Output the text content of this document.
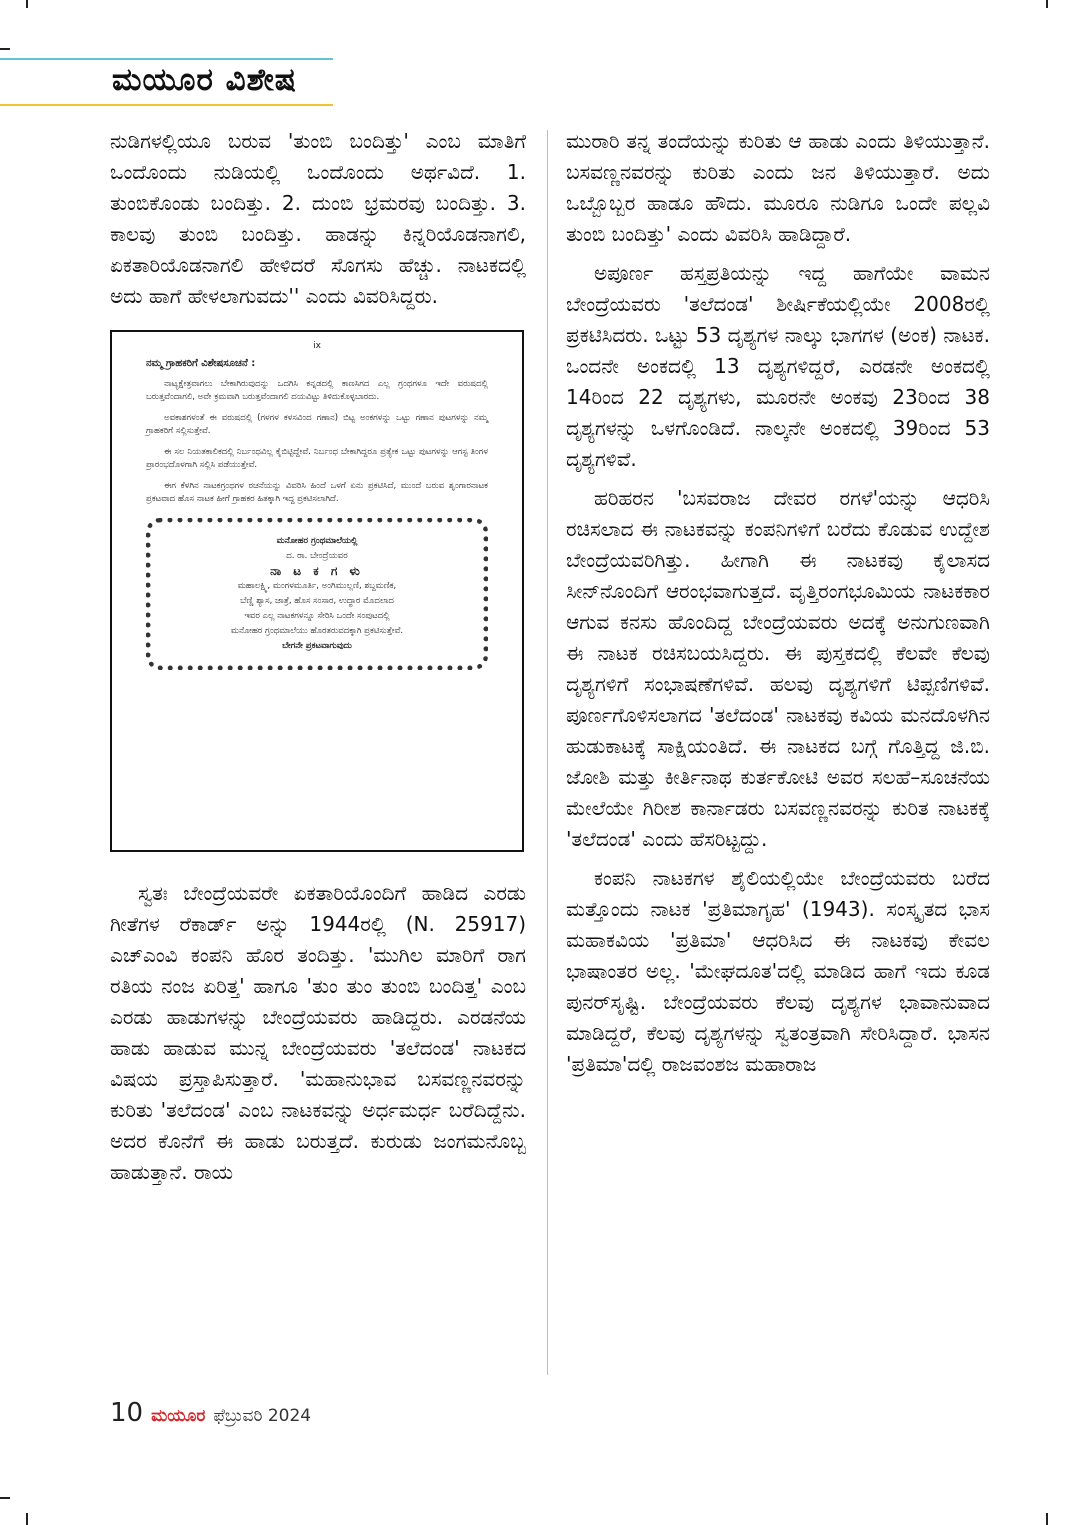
ಮಯೂರ ವಿಶೇಷ

ನುಡಿಗಳಲ್ಲಿಯೂ ಬರುವ 'ತುಂಬಿ ಬಂದಿತ್ತು' ಎಂಬ ಮಾತಿಗೆ ಒಂದೊಂದು ನುಡಿಯಲ್ಲಿ ಒಂದೊಂದು ಅರ್ಥವಿದೆ. 1. ತುಂಬಿಕೊಂಡು ಬಂದಿತ್ತು. 2. ದುಂಬಿ ಭ್ರಮರವು ಬಂದಿತ್ತು. 3. ಕಾಲವು ತುಂಬಿ ಬಂದಿತ್ತು. ಹಾಡನ್ನು ಕಿನ್ನರಿಯೊಡನಾಗಲಿ, ಏಕತಾರಿಯೊಡನಾಗಲಿ ಹೇಳಿದರೆ ಸೊಗಸು ಹೆಚ್ಚು. ನಾಟಕದಲ್ಲಿ ಅದು ಹಾಗೆ ಹೇಳಲಾಗುವದು'' ಎಂದು ವಿವರಿಸಿದ್ದರು.

ix
ನಮ್ಮ ಗ್ರಾಹಕರಿಗೆ ವಿಶೇಷಸೂಚನೆ :
ನಾಟ್ಯಕ್ಷೇತ್ರವಾಗಲು ಬೇಕಾಗಿರುವುದನ್ನು ಒದಗಿಸಿ ಕನ್ನಡದಲ್ಲಿ ಕಾಣಸಿಗದ ಎಲ್ಲ ಗ್ರಂಥಗಳೂ ಇದೇ ವರುಷದಲ್ಲಿ ಬರುತ್ತವೆಂದಾಗಲಿ, ಅವೇ ಕ್ರಮವಾಗಿ ಬರುತ್ತವೆಂದಾಗಲಿ ದಯವಿಟ್ಟು ತಿಳಿದುಕೊಳ್ಳಬಾರದು.
ಅವಕಾಶಗಳಂತೆ ಈ ವರುಷದಲ್ಲಿ (ಗಳಗಳ ಕಳಸವಿಂದ ಗಣಾನ) ಬಿಟ್ಟ ಅಂಕಗಳನ್ನು ಒಟ್ಟು ಗಣಾನ ಪುಟಗಳನ್ನು ನಮ್ಮ ಗ್ರಾಹಕರಿಗೆ ಸಲ್ಲಿಸುತ್ತೇವೆ.
ಈ ಸಲ ನಿಯತಕಾಲಿಕದಲ್ಲಿ ನಿರ್ಬಂಧವಿಲ್ಲ ಕೈಬಿಟ್ಟಿದ್ದೇವೆ. ನಿರ್ಬಂಧ ಬೇಕಾಗಿದ್ದರೂ ಪ್ರತ್ಯೇಕ ಒಟ್ಟು ಪುಟಗಳನ್ನು ಆಗಸ್ಟ ತಿಂಗಳ ಪ್ರಾರಂಭದೊಳಗಾಗಿ ಸಲ್ಲಿಸಿ ಪಡೆಯುತ್ತೇವೆ.
ಈಗ ಕೆಳಗಿನ ನಾಟಕಗ್ರಂಥಗಳ ರಚನೆಯನ್ನು ವಿವರಿಸಿ ಹಿಂದೆ ಒಳಗೆ ಏನು ಪ್ರಕಟಿಸಿದೆ, ಮುಂದೆ ಬರುವ ಶೃಂಗಾರನಾಟಕ ಪ್ರಕಟವಾದ ಹೊಸ ನಾಟಕ ಹೀಗೆ ಗ್ರಾಹಕರ ಹಿತಕ್ಕಾಗಿ ಇದ್ದ ಪ್ರಕಟಿಸಲಾಗಿದೆ.
ಮನೋಹರ ಗ್ರಂಥಮಾಲೆಯಲ್ಲಿ
ದ. ರಾ. ಬೇಂದ್ರೆಯವರ
ನಾ ಟ ಕ ಗ ಳು
ಮಹಾಲಕ್ಷ್ಮಿ, ಮಂಗಳಮೂರ್ತಿ, ಅಂಗಿಮುಲ್ಲಣಿ, ಶಬ್ದಮಣಿಕ,
ಬೆಣ್ಣಿ ಶ್ಯಾಸ, ಜಾತ್ರೆ, ಹೊಸ ಸಂಸಾರ, ಉದ್ಧಾರ ಮೊದಲಾದ
ಇವರ ಎಲ್ಲ ನಾಟಕಗಳನ್ನೂ ಸೇರಿಸಿ ಒಂದೇ ಸಂಪುಟದಲ್ಲಿ
ಮನೋಹರ ಗ್ರಂಥಮಾಲೆಯು ಹೊರತರುವದಕ್ಕಾಗಿ ಪ್ರಕಟಿಸುತ್ತೇವೆ.
ಬೇಗನೇ ಪ್ರಕಟವಾಗುವುದು

ಸ್ವತಃ ಬೇಂದ್ರೆಯವರೇ ಏಕತಾರಿಯೊಂದಿಗೆ ಹಾಡಿದ ಎರಡು ಗೀತೆಗಳ ರೆಕಾರ್ಡ್ ಅನ್ನು 1944ರಲ್ಲಿ (N. 25917) ಎಚ್‌ಎಂವಿ ಕಂಪನಿ ಹೊರ ತಂದಿತ್ತು. 'ಮುಗಿಲ ಮಾರಿಗೆ ರಾಗ ರತಿಯ ನಂಜ ಏರಿತ್ತ' ಹಾಗೂ 'ತುಂ ತುಂ ತುಂಬಿ ಬಂದಿತ್ತ' ಎಂಬ ಎರಡು ಹಾಡುಗಳನ್ನು ಬೇಂದ್ರೆಯವರು ಹಾಡಿದ್ದರು. ಎರಡನೆಯ ಹಾಡು ಹಾಡುವ ಮುನ್ನ ಬೇಂದ್ರೆಯವರು 'ತಲೆದಂಡ' ನಾಟಕದ ವಿಷಯ ಪ್ರಸ್ತಾಪಿಸುತ್ತಾರೆ. 'ಮಹಾನುಭಾವ ಬಸವಣ್ಣನವರನ್ನು ಕುರಿತು 'ತಲೆದಂಡ' ಎಂಬ ನಾಟಕವನ್ನು ಅರ್ಧಮರ್ಧ ಬರೆದಿದ್ದೆನು. ಅದರ ಕೊನೆಗೆ ಈ ಹಾಡು ಬರುತ್ತದೆ. ಕುರುಡು ಜಂಗಮನೊಬ್ಬ ಹಾಡುತ್ತಾನೆ. ರಾಯ

ಮುರಾರಿ ತನ್ನ ತಂದೆಯನ್ನು ಕುರಿತು ಆ ಹಾಡು ಎಂದು ತಿಳಿಯುತ್ತಾನೆ. ಬಸವಣ್ಣನವರನ್ನು ಕುರಿತು ಎಂದು ಜನ ತಿಳಿಯುತ್ತಾರೆ. ಅದು ಒಬ್ಬೊಬ್ಬರ ಹಾಡೂ ಹೌದು. ಮೂರೂ ನುಡಿಗೂ ಒಂದೇ ಪಲ್ಲವಿ ತುಂಬಿ ಬಂದಿತ್ತು' ಎಂದು ವಿವರಿಸಿ ಹಾಡಿದ್ದಾರೆ.

ಅಪೂರ್ಣ ಹಸ್ತಪ್ರತಿಯನ್ನು ಇದ್ದ ಹಾಗೆಯೇ ವಾಮನ ಬೇಂದ್ರೆಯವರು 'ತಲೆದಂಡ' ಶೀರ್ಷಿಕೆಯಲ್ಲಿಯೇ 2008ರಲ್ಲಿ ಪ್ರಕಟಿಸಿದರು. ಒಟ್ಟು 53 ದೃಶ್ಯಗಳ ನಾಲ್ಕು ಭಾಗಗಳ (ಅಂಕ) ನಾಟಕ. ಒಂದನೇ ಅಂಕದಲ್ಲಿ 13 ದೃಶ್ಯಗಳಿದ್ದರೆ, ಎರಡನೇ ಅಂಕದಲ್ಲಿ 14ರಿಂದ 22 ದೃಶ್ಯಗಳು, ಮೂರನೇ ಅಂಕವು 23ರಿಂದ 38 ದೃಶ್ಯಗಳನ್ನು ಒಳಗೊಂಡಿದೆ. ನಾಲ್ಕನೇ ಅಂಕದಲ್ಲಿ 39ರಿಂದ 53 ದೃಶ್ಯಗಳಿವೆ.

ಹರಿಹರನ 'ಬಸವರಾಜ ದೇವರ ರಗಳೆ'ಯನ್ನು ಆಧರಿಸಿ ರಚಿಸಲಾದ ಈ ನಾಟಕವನ್ನು ಕಂಪನಿಗಳಿಗೆ ಬರೆದು ಕೊಡುವ ಉದ್ದೇಶ ಬೇಂದ್ರೆಯವರಿಗಿತ್ತು. ಹೀಗಾಗಿ ಈ ನಾಟಕವು ಕೈಲಾಸದ ಸೀನ್‌ನೊಂದಿಗೆ ಆರಂಭವಾಗುತ್ತದೆ. ವೃತ್ತಿರಂಗಭೂಮಿಯ ನಾಟಕಕಾರ ಆಗುವ ಕನಸು ಹೊಂದಿದ್ದ ಬೇಂದ್ರೆಯವರು ಅದಕ್ಕೆ ಅನುಗುಣವಾಗಿ ಈ ನಾಟಕ ರಚಿಸಬಯಸಿದ್ದರು. ಈ ಪುಸ್ತಕದಲ್ಲಿ ಕೆಲವೇ ಕೆಲವು ದೃಶ್ಯಗಳಿಗೆ ಸಂಭಾಷಣೆಗಳಿವೆ. ಹಲವು ದೃಶ್ಯಗಳಿಗೆ ಟಿಪ್ಪಣಿಗಳಿವೆ. ಪೂರ್ಣಗೊಳಿಸಲಾಗದ 'ತಲೆದಂಡ' ನಾಟಕವು ಕವಿಯ ಮನದೊಳಗಿನ ಹುಡುಕಾಟಕ್ಕೆ ಸಾಕ್ಷಿಯಂತಿದೆ. ಈ ನಾಟಕದ ಬಗ್ಗೆ ಗೊತ್ತಿದ್ದ ಜಿ.ಬಿ. ಜೋಶಿ ಮತ್ತು ಕೀರ್ತಿನಾಥ ಕುರ್ತಕೋಟಿ ಅವರ ಸಲಹೆ–ಸೂಚನೆಯ ಮೇಲೆಯೇ ಗಿರೀಶ ಕಾರ್ನಾಡರು ಬಸವಣ್ಣನವರನ್ನು ಕುರಿತ ನಾಟಕಕ್ಕೆ 'ತಲೆದಂಡ' ಎಂದು ಹೆಸರಿಟ್ಟದ್ದು.

ಕಂಪನಿ ನಾಟಕಗಳ ಶೈಲಿಯಲ್ಲಿಯೇ ಬೇಂದ್ರೆಯವರು ಬರೆದ ಮತ್ತೊಂದು ನಾಟಕ 'ಪ್ರತಿಮಾಗೃಹ' (1943). ಸಂಸ್ಕೃತದ ಭಾಸ ಮಹಾಕವಿಯ 'ಪ್ರತಿಮಾ' ಆಧರಿಸಿದ ಈ ನಾಟಕವು ಕೇವಲ ಭಾಷಾಂತರ ಅಲ್ಲ. 'ಮೇಘದೂತ'ದಲ್ಲಿ ಮಾಡಿದ ಹಾಗೆ ಇದು ಕೂಡ ಪುನರ್‌ಸೃಷ್ಟಿ. ಬೇಂದ್ರೆಯವರು ಕೆಲವು ದೃಶ್ಯಗಳ ಭಾವಾನುವಾದ ಮಾಡಿದ್ದರೆ, ಕೆಲವು ದೃಶ್ಯಗಳನ್ನು ಸ್ವತಂತ್ರವಾಗಿ ಸೇರಿಸಿದ್ದಾರೆ. ಭಾಸನ 'ಪ್ರತಿಮಾ'ದಲ್ಲಿ ರಾಜವಂಶಜ ಮಹಾರಾಜ

10 ಮಯೂರ ಫೆಬ್ರುವರಿ 2024
